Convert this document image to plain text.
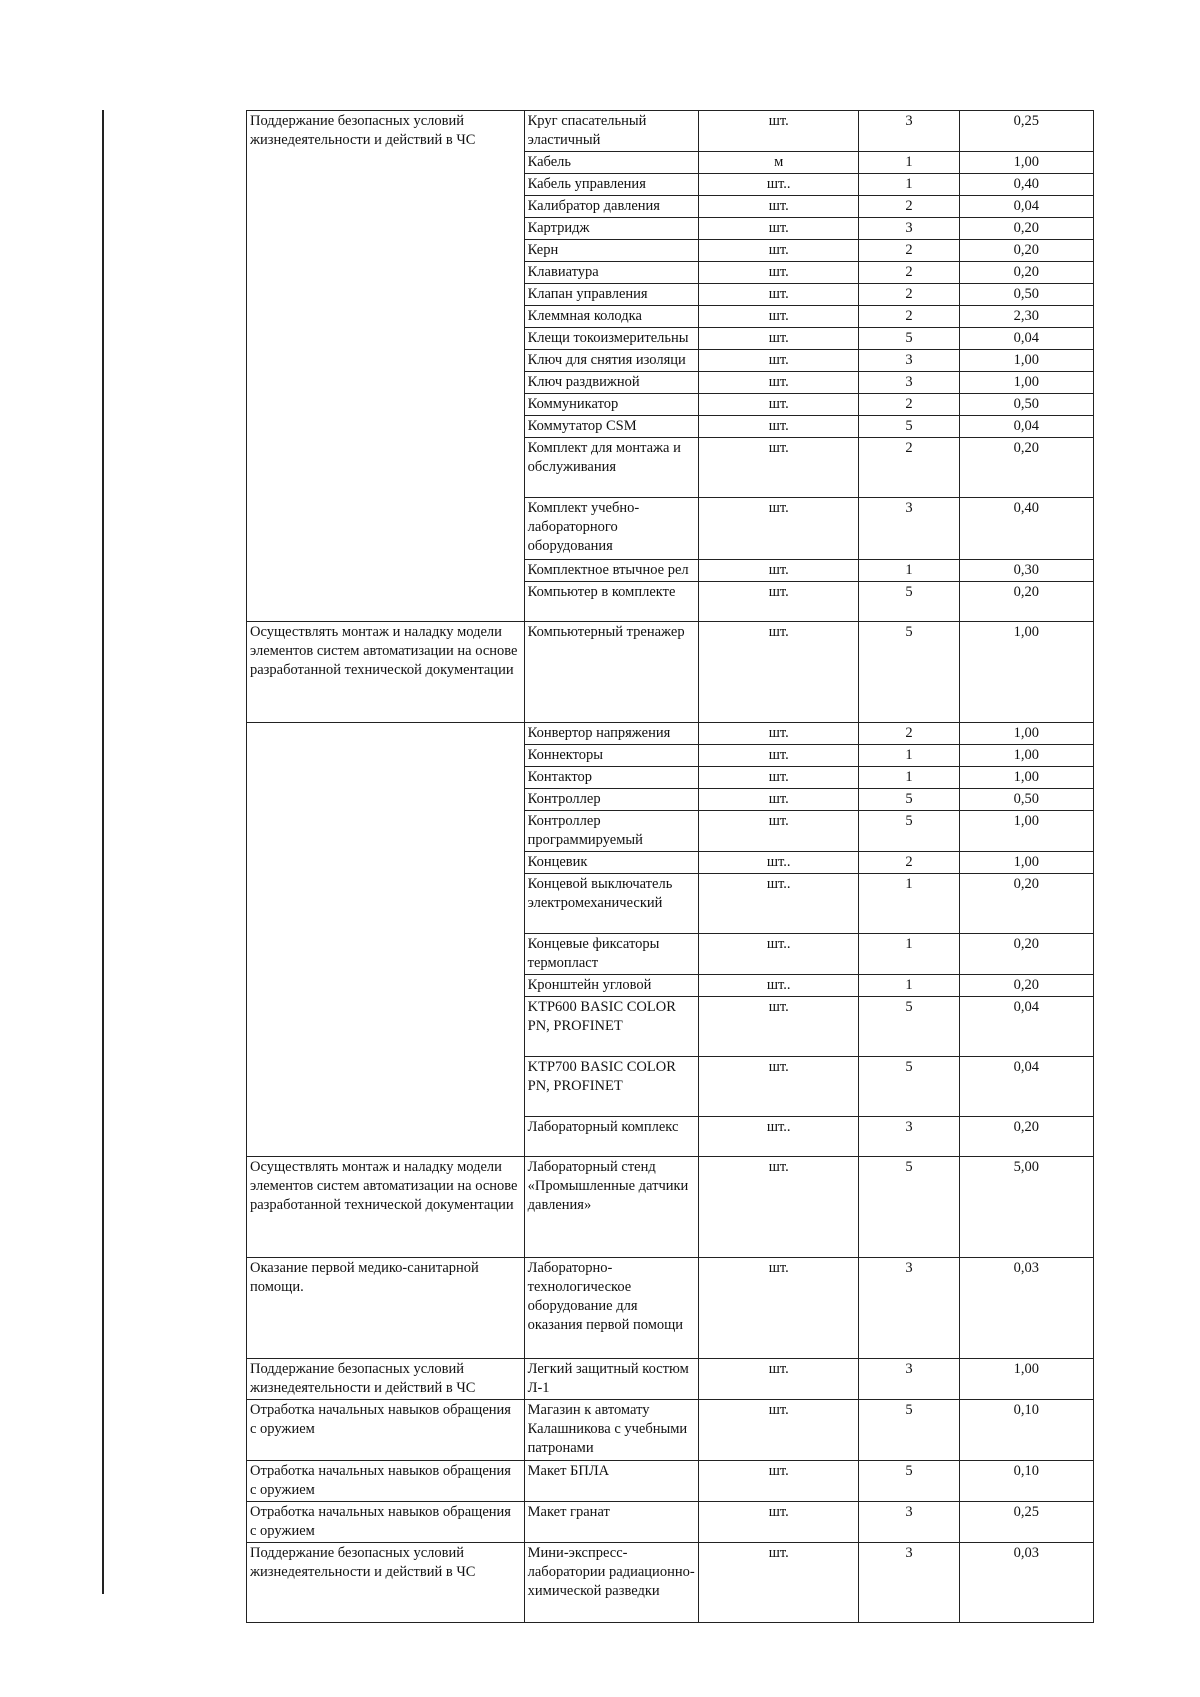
Поддержание безопасных условий жизнедеятельности и действий в ЧС	Круг спасательный эластичный	шт.	3	0,25
	Кабель	м	1	1,00
	Кабель управления	шт..	1	0,40
	Калибратор давления	шт.	2	0,04
	Картридж	шт.	3	0,20
	Керн	шт.	2	0,20
	Клавиатура	шт.	2	0,20
	Клапан управления	шт.	2	0,50
	Клеммная колодка	шт.	2	2,30
	Клещи токоизмерительны	шт.	5	0,04
	Ключ для снятия изоляци	шт.	3	1,00
	Ключ раздвижной	шт.	3	1,00
	Коммуникатор	шт.	2	0,50
	Коммутатор CSM	шт.	5	0,04
	Комплект для монтажа и обслуживания	шт.	2	0,20
	Комплект учебно-лабораторного оборудования	шт.	3	0,40
	Комплектное втычное рел	шт.	1	0,30
	Компьютер в комплекте	шт.	5	0,20
Осуществлять монтаж и наладку модели элементов систем автоматизации на основе разработанной технической документации	Компьютерный тренажер	шт.	5	1,00
	Конвертор напряжения	шт.	2	1,00
	Коннекторы	шт.	1	1,00
	Контактор	шт.	1	1,00
	Контроллер	шт.	5	0,50
	Контроллер программируемый	шт.	5	1,00
	Концевик	шт..	2	1,00
	Концевой выключатель электромеханический	шт..	1	0,20
	Концевые фиксаторы термопласт	шт..	1	0,20
	Кронштейн угловой	шт..	1	0,20
	KTP600 BASIC COLOR PN, PROFINET	шт.	5	0,04
	KTP700 BASIC COLOR PN, PROFINET	шт.	5	0,04
	Лабораторный комплекс	шт..	3	0,20
Осуществлять монтаж и наладку модели элементов систем автоматизации на основе разработанной технической документации	Лабораторный стенд «Промышленные датчики давления»	шт.	5	5,00
Оказание первой медико-санитарной помощи.	Лабораторно-технологическое оборудование для оказания первой помощи	шт.	3	0,03
Поддержание безопасных условий жизнедеятельности и действий в ЧС	Легкий защитный костюм Л-1	шт.	3	1,00
Отработка начальных навыков обращения с оружием	Магазин к автомату Калашникова с учебными патронами	шт.	5	0,10
Отработка начальных навыков обращения с оружием	Макет БПЛА	шт.	5	0,10
Отработка начальных навыков обращения с оружием	Макет гранат	шт.	3	0,25
Поддержание безопасных условий жизнедеятельности и действий в ЧС	Мини-экспресс-лаборатории радиационно-химической разведки	шт.	3	0,03
